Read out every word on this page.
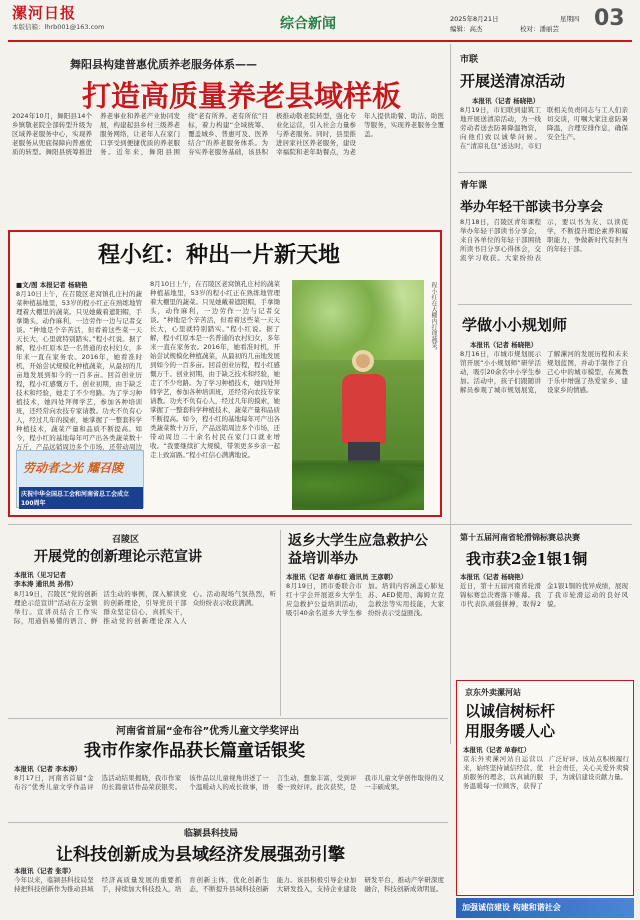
漯河日报
本版信箱：lhrb001@163.com	综合新闻	2025年8月21日	星期四
编辑：高杰	校对：潘丽芸 03
舞阳县构建普惠优质养老服务体系——
打造高质量养老县域样板
2024年10月，舞阳县14个乡镇敬老院全部转型升级为区域养老服务中心，实现养老服务从兜底保障向普惠优质的转型。舞阳县统筹推进养老事业和养老产业协同发展，构建起县乡村三级养老服务网络，让老年人在家门口享受到便捷优质的养老服务。近年来，舞阳县围绕“老有所养、老有所依”目标，着力构建“全域统筹、覆盖城乡、普惠可及、医养结合”的养老服务体系。为夯实养老服务基础，该县积极推动敬老院转型，强化专业化运营，引入社会力量参与养老服务。同时，县里推进居家社区养老服务，建设幸福院和老年助餐点，为老年人提供助餐、助洁、助医等服务，实现养老服务全覆盖。
程小红：种出一片新天地
■文/图 本报记者 杨晓艳
8月10日上午，在召陵区老窝镇孔庄村的蔬菜种植基地里，53岁的程小红正在熟练地管理着大棚里的蔬菜。只见她戴着遮阳帽，手拿锄头，动作麻利，一边劳作一边与记者交谈。“种地是个辛苦活，但看着这些菜一天天长大，心里就特别踏实。”程小红说。据了解，程小红原本是一名普通的农村妇女，多年来一直在家务农。2016年，她看准时机，开始尝试规模化种植蔬菜，从最初的几亩地发展到如今的一百多亩。回首创业历程，程小红感慨万千。创业初期，由于缺乏技术和经验，她走了不少弯路。为了学习种植技术，她四处拜师学艺，参加各种培训班，还经常向农技专家请教。功夫不负有心人，经过几年的摸索，她掌握了一整套科学种植技术，蔬菜产量和品质不断提高。如今，程小红的基地每年可产出各类蔬菜数十万斤，产品远销周边多个市场，还带动周边
8月10日上午，在召陵区老窝镇孔庄村的蔬菜种植基地里，53岁的程小红正在熟练地管理着大棚里的蔬菜。只见她戴着遮阳帽，手拿锄头，动作麻利，一边劳作一边与记者交谈。“种地是个辛苦活，但看着这些菜一天天长大，心里就特别踏实。”程小红说。据了解，程小红原本是一名普通的农村妇女，多年来一直在家务农。2016年，她看准时机，开始尝试规模化种植蔬菜，从最初的几亩地发展到如今的一百多亩。回首创业历程，程小红感慨万千。创业初期，由于缺乏技术和经验，她走了不少弯路。为了学习种植技术，她四处拜师学艺，参加各种培训班，还经常向农技专家请教。功夫不负有心人，经过几年的摸索，她掌握了一整套科学种植技术，蔬菜产量和品质不断提高。如今，程小红的基地每年可产出各类蔬菜数十万斤，产品远销周边多个市场，还带动周边二十余名村民在家门口就业增收。“我要继续扩大规模，带领更多乡亲一起走上致富路。”程小红信心满满地说。
程小红在大棚内打理蔬菜。
劳动者之光 耀召陵
庆祝中华全国总工会和河南省总工会成立100周年
市联
开展送清凉活动
本报讯（记者 杨晓艳）
8月19日，市妇联到建筑工地开展送清凉活动，为一线劳动者送去防暑降温物资，向他们致以诚挚问候。在“清凉礼包”送达时，市妇联相关负责同志与工人们亲切交谈，叮嘱大家注意防暑降温，合理安排作息，确保安全生产。
青年课
举办年轻干部读书分享会
8月18日，召陵区青年课程举办年轻干部读书分享会，来自各单位的年轻干部围绕所读书目分享心得体会，交流学习收获。大家纷纷表示，要以书为友、以读促学，不断提升理论素养和履职能力，争做新时代有担当的年轻干部。
学做小小规划师
本报讯（记者 杨晓艳）
8月16日，市城市规划展示馆开展“小小规划师”研学活动，吸引20余名中小学生参加。活动中，孩子们跟随讲解员参观了城市规划展览，了解漯河的发展历程和未来规划蓝图，并动手制作了自己心中的城市模型，在寓教于乐中增强了热爱家乡、建设家乡的情感。
召陵区
开展党的创新理论示范宣讲
本报讯（见习记者 李本涛 通讯员 孙伟）
8月19日，召陵区“党的创新理论示范宣讲”活动在万金镇举行。宣讲员结合工作实际，用通俗易懂的语言、鲜活生动的事例，深入解读党的创新理论，引导党员干部群众坚定信心、真抓实干，推动党的创新理论深入人心。活动现场气氛热烈，听众纷纷表示收获满满。
返乡大学生应急救护公益培训举办
本报讯（记者 单春红 通讯员 王彦朝）
8月19日，团市委联合市红十字会开展返乡大学生应急救护公益培训活动，吸引40余名返乡大学生参加。培训内容涵盖心肺复苏、AED使用、海姆立克急救法等实用技能，大家纷纷表示受益匪浅。
第十五届河南省轮滑锦标赛总决赛
我市获2金1银1铜
本报讯（记者 杨晓艳）
近日，第十五届河南省轮滑锦标赛总决赛落下帷幕。我市代表队顽强拼搏，取得2金1银1铜的优异成绩，展现了我市轮滑运动的良好风貌。
河南省首届“金布谷”优秀儿童文学奖评出
我市作家作品获长篇童话银奖
本报讯（记者 李本涛）
8月17日，河南省首届“金布谷”优秀儿童文学作品评选活动结果揭晓，我市作家的长篇童话作品荣获银奖。该作品以儿童视角讲述了一个温暖动人的成长故事，语言生动，想象丰富，受到评委一致好评。此次获奖，是我市儿童文学创作取得的又一丰硕成果。
临颍县科技局
让科技创新成为县域经济发展强劲引擎
本报讯（记者 张菲）
今年以来，临颍县科技局坚持把科技创新作为推动县域经济高质量发展的重要抓手，持续加大科技投入，培育创新主体，优化创新生态，不断提升县域科技创新能力。该县积极引导企业加大研发投入，支持企业建设研发平台，推动产学研深度融合，科技创新成效明显。
京东外卖漯河站
以诚信树标杆 用服务暖人心
本报讯（记者 单春红）
京东外卖漯河站自运营以来，始终坚持诚信经营、优质服务的理念，以真诚的服务温暖每一位顾客，获得了广泛好评。该站点积极履行社会责任，关心关爱外卖骑手，为诚信建设贡献力量。
加强诚信建设 构建和谐社会
